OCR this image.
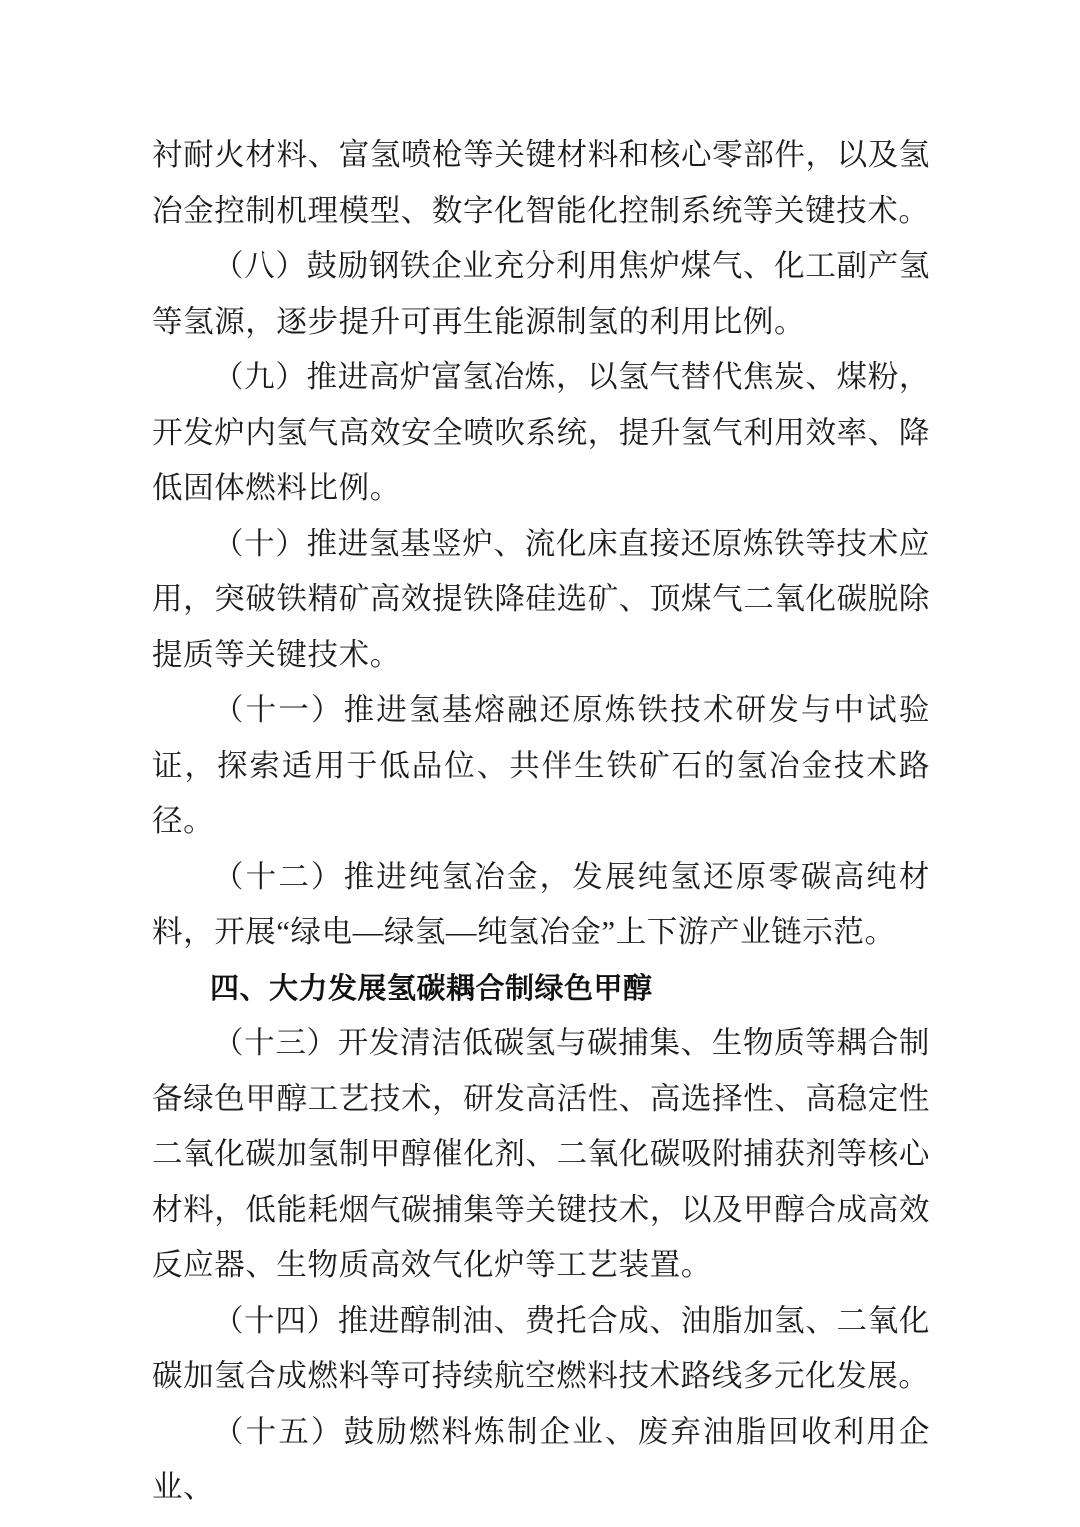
衬耐火材料、富氢喷枪等关键材料和核心零部件，以及氢冶金控制机理模型、数字化智能化控制系统等关键技术。

（八）鼓励钢铁企业充分利用焦炉煤气、化工副产氢等氢源，逐步提升可再生能源制氢的利用比例。

（九）推进高炉富氢冶炼，以氢气替代焦炭、煤粉，开发炉内氢气高效安全喷吹系统，提升氢气利用效率、降低固体燃料比例。

（十）推进氢基竖炉、流化床直接还原炼铁等技术应用，突破铁精矿高效提铁降硅选矿、顶煤气二氧化碳脱除提质等关键技术。

（十一）推进氢基熔融还原炼铁技术研发与中试验证，探索适用于低品位、共伴生铁矿石的氢冶金技术路径。

（十二）推进纯氢冶金，发展纯氢还原零碳高纯材料，开展“绿电—绿氢—纯氢冶金”上下游产业链示范。

四、大力发展氢碳耦合制绿色甲醇

（十三）开发清洁低碳氢与碳捕集、生物质等耦合制备绿色甲醇工艺技术，研发高活性、高选择性、高稳定性二氧化碳加氢制甲醇催化剂、二氧化碳吸附捕获剂等核心材料，低能耗烟气碳捕集等关键技术，以及甲醇合成高效反应器、生物质高效气化炉等工艺装置。

（十四）推进醇制油、费托合成、油脂加氢、二氧化碳加氢合成燃料等可持续航空燃料技术路线多元化发展。

（十五）鼓励燃料炼制企业、废弃油脂回收利用企业、
